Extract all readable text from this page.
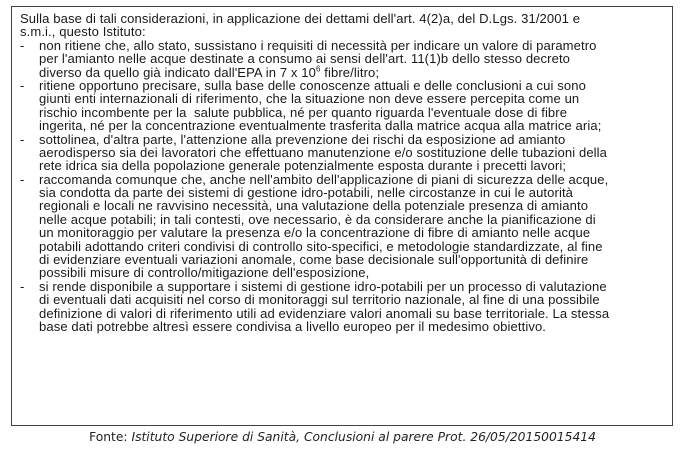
Sulla base di tali considerazioni, in applicazione dei dettami dell'art. 4(2)a, del D.Lgs. 31/2001 e
s.m.i., questo Istituto:
-	non ritiene che, allo stato, sussistano i requisiti di necessità per indicare un valore di parametro
per l'amianto nelle acque destinate a consumo ai sensi dell'art. 11(1)b dello stesso decreto
diverso da quello già indicato dall'EPA in 7 x $10^6$ fibre/litro;
-	ritiene opportuno precisare, sulla base delle conoscenze attuali e delle conclusioni a cui sono
giunti enti internazionali di riferimento, che la situazione non deve essere percepita come un
rischio incombente per la  salute pubblica, né per quanto riguarda l'eventuale dose di fibre
ingerita, né per la concentrazione eventualmente trasferita dalla matrice acqua alla matrice aria;
-	sottolinea, d'altra parte, l'attenzione alla prevenzione dei rischi da esposizione ad amianto
aerodisperso sia dei lavoratori che effettuano manutenzione e/o sostituzione delle tubazioni della
rete idrica sia della popolazione generale potenzialmente esposta durante i precetti lavori;
-	raccomanda comunque che, anche nell'ambito dell'applicazione di piani di sicurezza delle acque,
sia condotta da parte dei sistemi di gestione idro-potabili, nelle circostanze in cui le autorità
regionali e locali ne ravvisino necessità, una valutazione della potenziale presenza di amianto
nelle acque potabili; in tali contesti, ove necessario, è da considerare anche la pianificazione di
un monitoraggio per valutare la presenza e/o la concentrazione di fibre di amianto nelle acque
potabili adottando criteri condivisi di controllo sito-specifici, e metodologie standardizzate, al fine
di evidenziare eventuali variazioni anomale, come base decisionale sull'opportunità di definire
possibili misure di controllo/mitigazione dell'esposizione,
-	si rende disponibile a supportare i sistemi di gestione idro-potabili per un processo di valutazione
di eventuali dati acquisiti nel corso di monitoraggi sul territorio nazionale, al fine di una possibile
definizione di valori di riferimento utili ad evidenziare valori anomali su base territoriale. La stessa
base dati potrebbe altresì essere condivisa a livello europeo per il medesimo obiettivo.
Fonte: Istituto Superiore di Sanità, Conclusioni al parere Prot. 26/05/20150015414
